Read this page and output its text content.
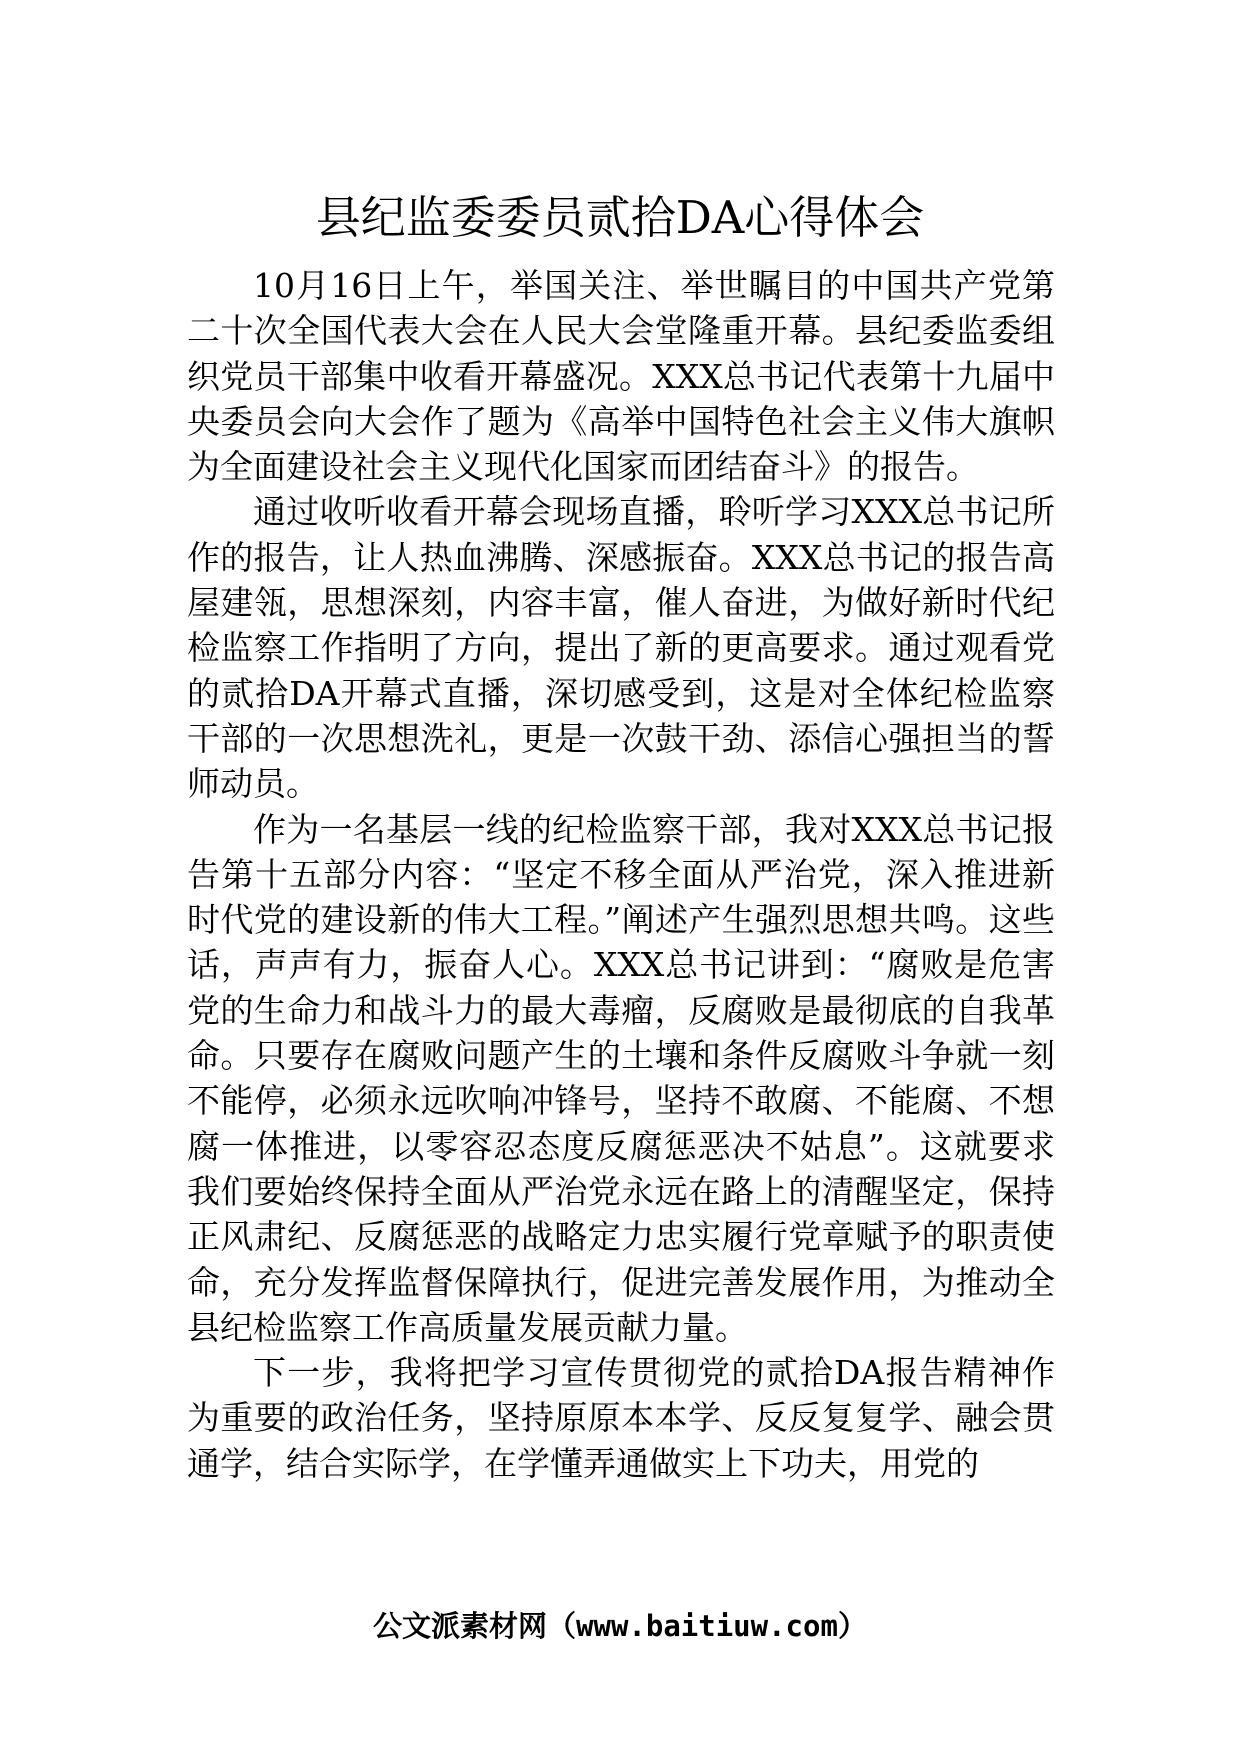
县纪监委委员贰拾DA心得体会

10月16日上午，举国关注、举世瞩目的中国共产党第二十次全国代表大会在人民大会堂隆重开幕。县纪委监委组织党员干部集中收看开幕盛况。XXX总书记代表第十九届中央委员会向大会作了题为《高举中国特色社会主义伟大旗帜为全面建设社会主义现代化国家而团结奋斗》的报告。

通过收听收看开幕会现场直播，聆听学习XXX总书记所作的报告，让人热血沸腾、深感振奋。XXX总书记的报告高屋建瓴，思想深刻，内容丰富，催人奋进，为做好新时代纪检监察工作指明了方向，提出了新的更高要求。通过观看党的贰拾DA开幕式直播，深切感受到，这是对全体纪检监察干部的一次思想洗礼，更是一次鼓干劲、添信心强担当的誓师动员。

作为一名基层一线的纪检监察干部，我对XXX总书记报告第十五部分内容：“坚定不移全面从严治党，深入推进新时代党的建设新的伟大工程。”阐述产生强烈思想共鸣。这些话，声声有力，振奋人心。XXX总书记讲到：“腐败是危害党的生命力和战斗力的最大毒瘤，反腐败是最彻底的自我革命。只要存在腐败问题产生的土壤和条件反腐败斗争就一刻不能停，必须永远吹响冲锋号，坚持不敢腐、不能腐、不想腐一体推进，以零容忍态度反腐惩恶决不姑息”。这就要求我们要始终保持全面从严治党永远在路上的清醒坚定，保持正风肃纪、反腐惩恶的战略定力忠实履行党章赋予的职责使命，充分发挥监督保障执行，促进完善发展作用，为推动全县纪检监察工作高质量发展贡献力量。

下一步，我将把学习宣传贯彻党的贰拾DA报告精神作为重要的政治任务，坚持原原本本学、反反复复学、融会贯通学，结合实际学，在学懂弄通做实上下功夫，用党的

公文派素材网（www.baitiuw.com）
